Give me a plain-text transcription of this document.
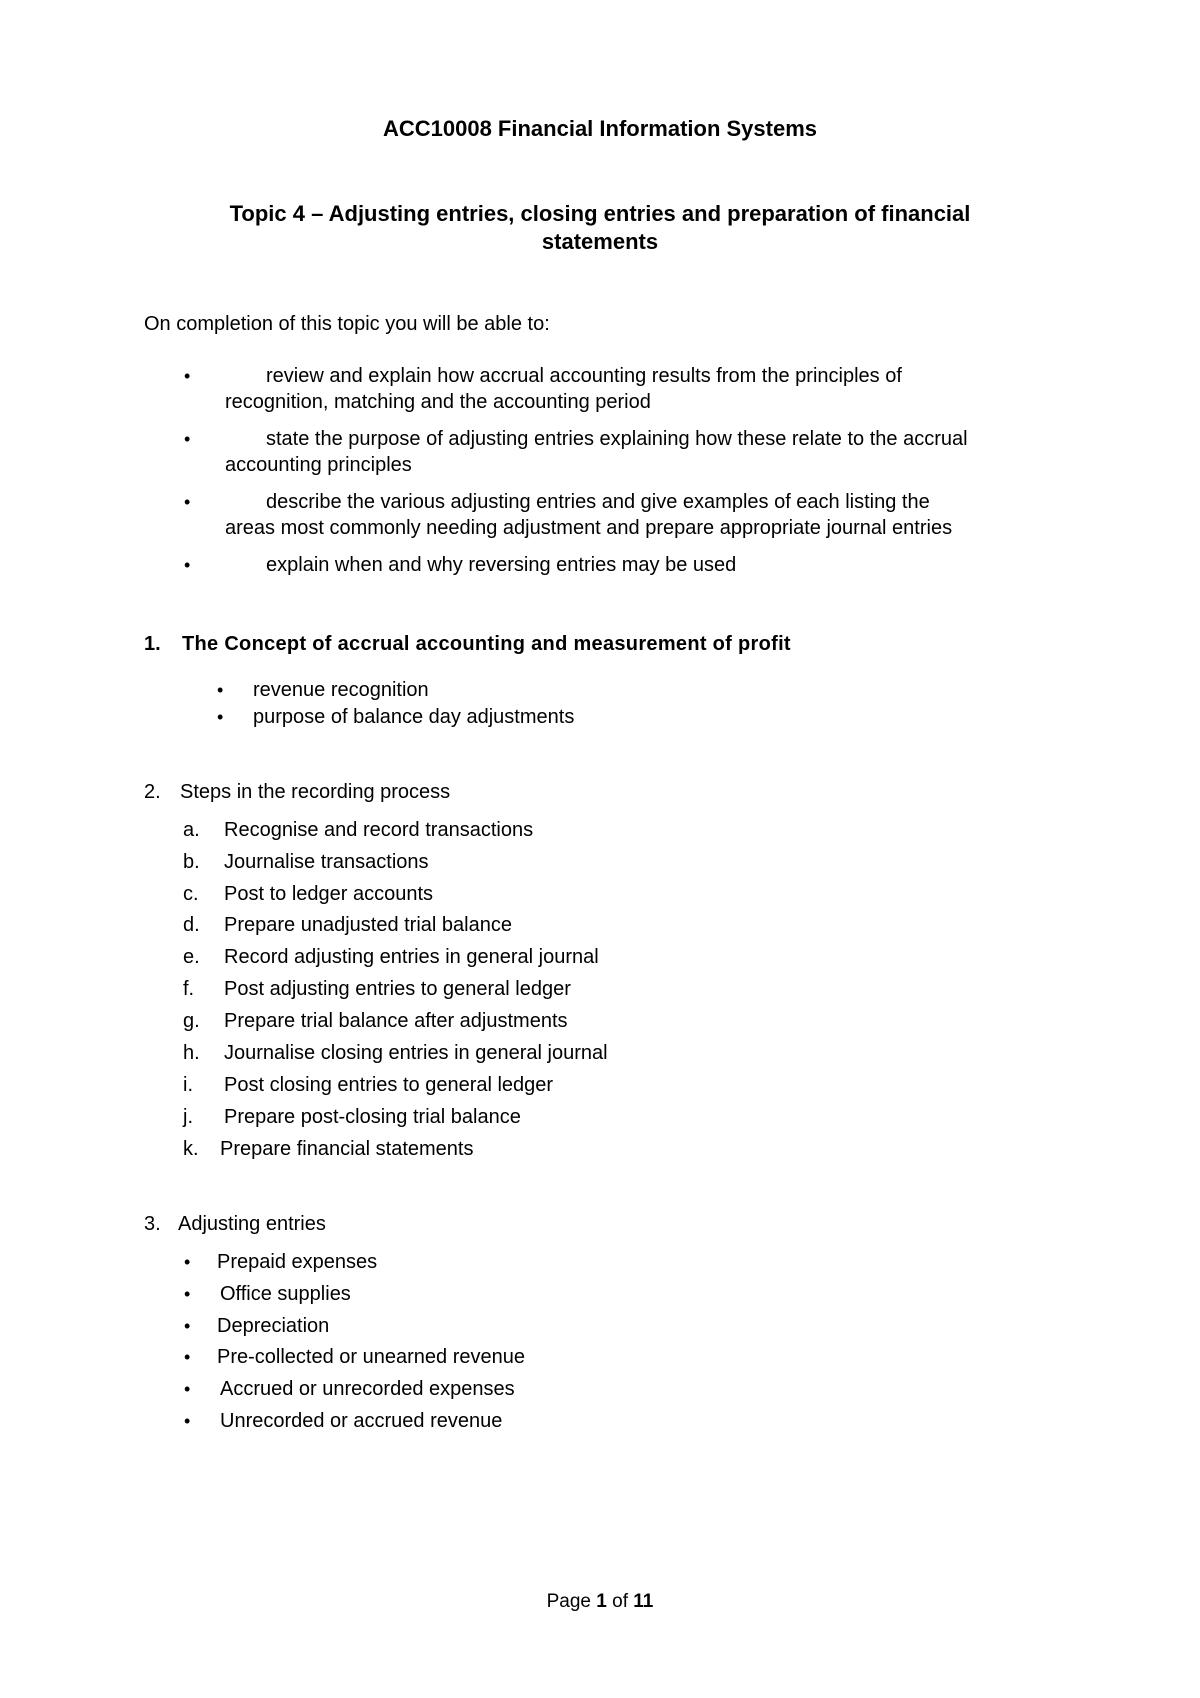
ACC10008 Financial Information Systems
Topic 4 – Adjusting entries, closing entries and preparation of financial
statements
On completion of this topic you will be able to:
•	review and explain how accrual accounting results from the principles of
recognition, matching and the accounting period
•	state the purpose of adjusting entries explaining how these relate to the accrual
accounting principles
•	describe the various adjusting entries and give examples of each listing the
areas most commonly needing adjustment and prepare appropriate journal entries
•	explain when and why reversing entries may be used
1. The Concept of accrual accounting and measurement of profit
• revenue recognition
• purpose of balance day adjustments
2. Steps in the recording process
a. Recognise and record transactions
b. Journalise transactions
c. Post to ledger accounts
d. Prepare unadjusted trial balance
e. Record adjusting entries in general journal
f. Post adjusting entries to general ledger
g. Prepare trial balance after adjustments
h. Journalise closing entries in general journal
i. Post closing entries to general ledger
j. Prepare post-closing trial balance
k. Prepare financial statements
3. Adjusting entries
• Prepaid expenses
• Office supplies
• Depreciation
• Pre-collected or unearned revenue
• Accrued or unrecorded expenses
• Unrecorded or accrued revenue
Page 1 of 11
